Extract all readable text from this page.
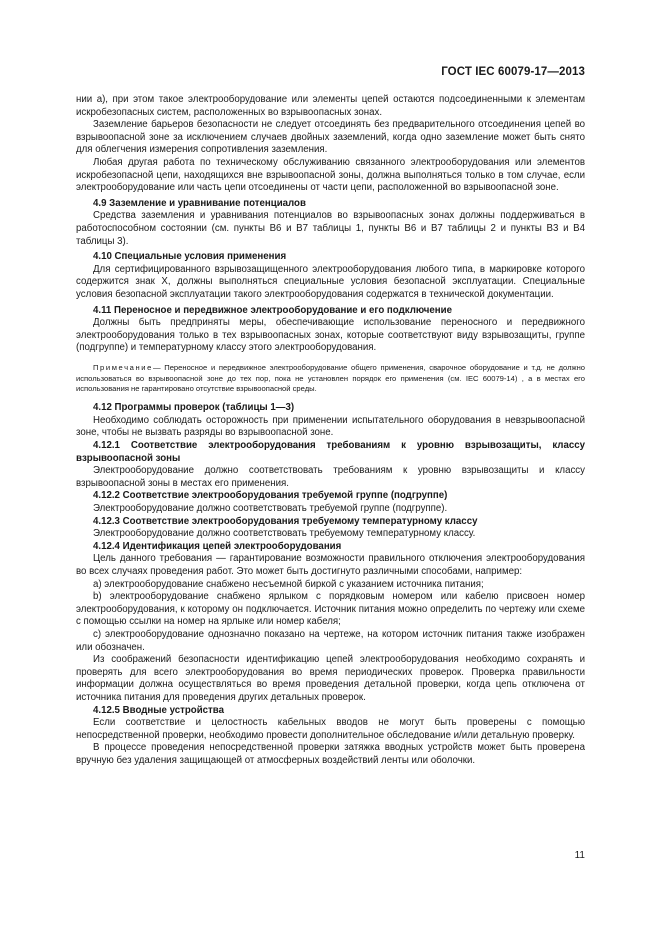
ГОСТ IEC 60079-17—2013

нии а), при этом такое электрооборудование или элементы цепей остаются подсоединенными к элементам искробезопасных систем, расположенных во взрывоопасных зонах.

Заземление барьеров безопасности не следует отсоединять без предварительного отсоединения цепей во взрывоопасной зоне за исключением случаев двойных заземлений, когда одно заземление может быть снято для облегчения измерения сопротивления заземления.

Любая другая работа по техническому обслуживанию связанного электрооборудования или элементов искробезопасной цепи, находящихся вне взрывоопасной зоны, должна выполняться только в том случае, если электрооборудование или часть цепи отсоединены от части цепи, расположенной во взрывоопасной зоне.

4.9 Заземление и уравнивание потенциалов

Средства заземления и уравнивания потенциалов во взрывоопасных зонах должны поддерживаться в работоспособном состоянии (см. пункты В6 и В7 таблицы 1, пункты В6 и В7 таблицы 2 и пункты В3 и В4 таблицы 3).

4.10 Специальные условия применения

Для сертифицированного взрывозащищенного электрооборудования любого типа, в маркировке которого содержится знак X, должны выполняться специальные условия безопасной эксплуатации. Специальные условия безопасной эксплуатации такого электрооборудования содержатся в технической документации.

4.11 Переносное и передвижное электрооборудование и его подключение

Должны быть предприняты меры, обеспечивающие использование переносного и передвижного электрооборудования только в тех взрывоопасных зонах, которые соответствуют виду взрывозащиты, группе (подгруппе) и температурному классу этого электрооборудования.

Примечание— Переносное и передвижное электрооборудование общего применения, сварочное оборудование и т.д. не должно использоваться во взрывоопасной зоне до тех пор, пока не установлен порядок его применения (см. IEC 60079-14) , а в местах его использования не гарантировано отсутствие взрывоопасной среды.

4.12 Программы проверок (таблицы 1—3)

Необходимо соблюдать осторожность при применении испытательного оборудования в невзрывоопасной зоне, чтобы не вызвать разряды во взрывоопасной зоне.

4.12.1 Соответствие электрооборудования требованиям к уровню взрывозащиты, классу взрывоопасной зоны

Электрооборудование должно соответствовать требованиям к уровню взрывозащиты и классу взрывоопасной зоны в местах его применения.

4.12.2 Соответствие электрооборудования требуемой группе (подгруппе)

Электрооборудование должно соответствовать требуемой группе (подгруппе).

4.12.3 Соответствие электрооборудования требуемому температурному классу

Электрооборудование должно соответствовать требуемому температурному классу.

4.12.4 Идентификация цепей электрооборудования

Цель данного требования — гарантирование возможности правильного отключения электрооборудования во всех случаях проведения работ. Это может быть достигнуто различными способами, например:

а) электрооборудование снабжено несъемной биркой с указанием источника питания;

b) электрооборудование снабжено ярлыком с порядковым номером или кабелю присвоен номер электрооборудования, к которому он подключается. Источник питания можно определить по чертежу или схеме с помощью ссылки на номер на ярлыке или номер кабеля;

c) электрооборудование однозначно показано на чертеже, на котором источник питания также изображен или обозначен.

Из соображений безопасности идентификацию цепей электрооборудования необходимо сохранять и проверять для всего электрооборудования во время периодических проверок. Проверка правильности информации должна осуществляться во время проведения детальной проверки, когда цепь отключена от источника питания для проведения других детальных проверок.

4.12.5 Вводные устройства

Если соответствие и целостность кабельных вводов не могут быть проверены с помощью непосредственной проверки, необходимо провести дополнительное обследование и/или детальную проверку.

В процессе проведения непосредственной проверки затяжка вводных устройств может быть проверена вручную без удаления защищающей от атмосферных воздействий ленты или оболочки.

11
